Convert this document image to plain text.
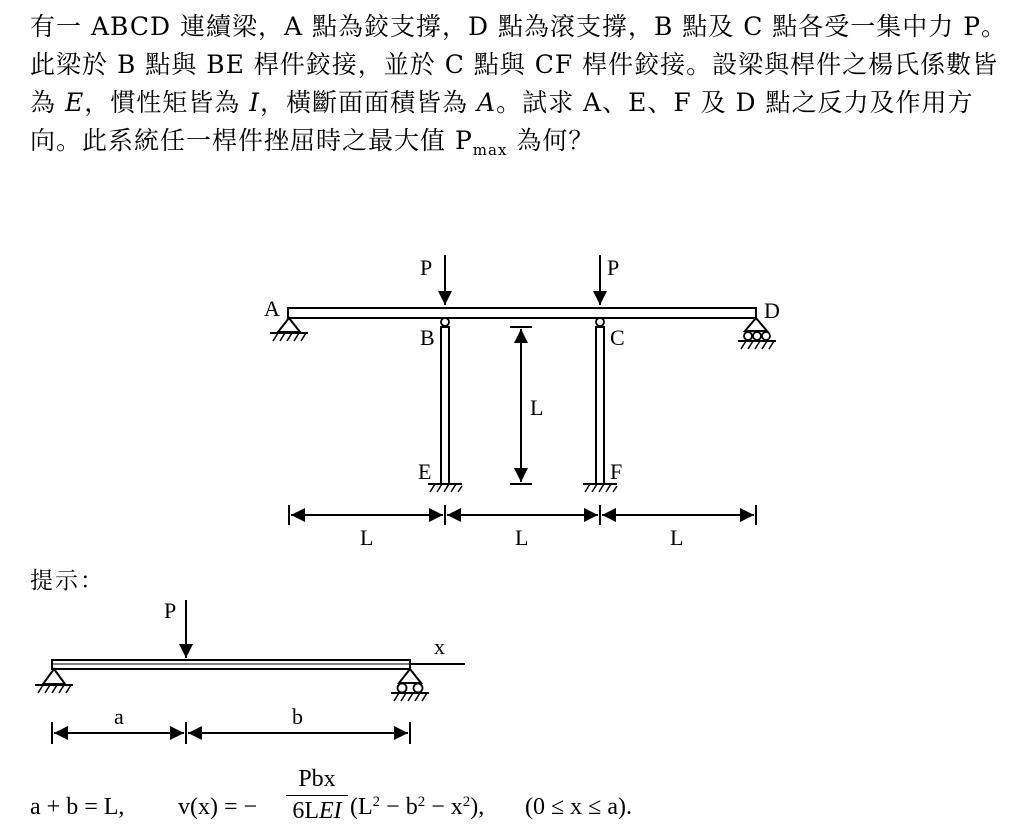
有一 ABCD 連續梁，A 點為鉸支撐，D 點為滾支撐，B 點及 C 點各受一集中力 P。此梁於 B 點與 BE 桿件鉸接，並於 C 點與 CF 桿件鉸接。設梁與桿件之楊氏係數皆為 E，慣性矩皆為 I，橫斷面面積皆為 A。試求 A、E、F 及 D 點之反力及作用方向。此系統任一桿件挫屈時之最大值 $P_{max}$ 為何？
P	P
A
B	C
D
E	F
L
L	L	L
提示：
P
x
a	b
a + b = L, v(x) = −
Pbx
6LEI $(L^2 - b^2 - x^2)$, (0 ≤ x ≤ a).
